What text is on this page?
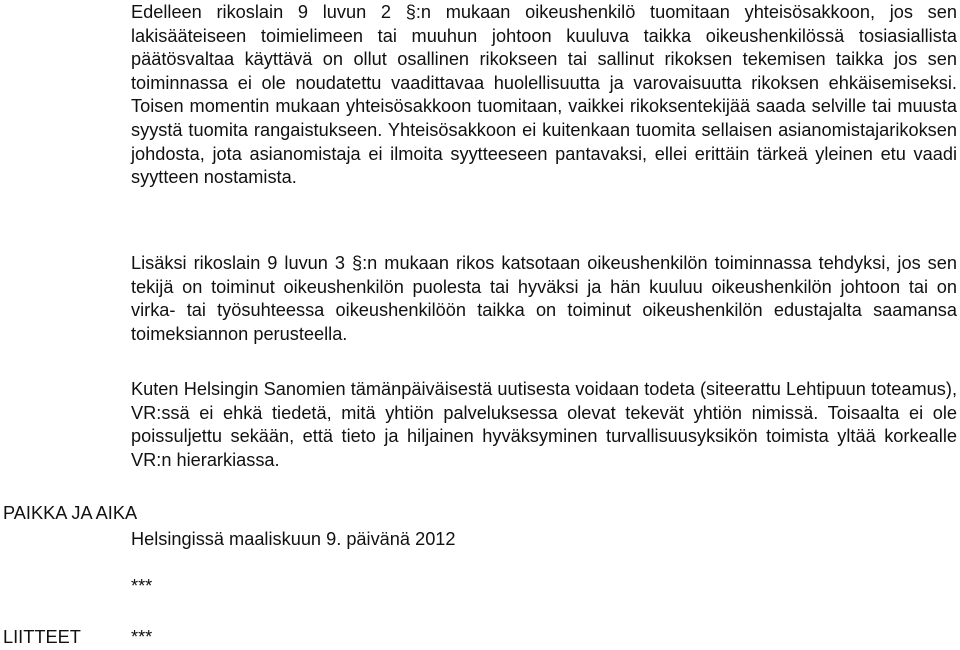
Edelleen rikoslain 9 luvun 2 §:n mukaan oikeushenkilö tuomitaan yhteisösakkoon, jos sen lakisääteiseen toimielimeen tai muuhun johtoon kuuluva taikka oikeushenkilössä tosiasiallista päätösvaltaa käyttävä on ollut osallinen rikokseen tai sallinut rikoksen tekemisen taikka jos sen toiminnassa ei ole noudatettu vaadittavaa huolellisuutta ja varovaisuutta rikoksen ehkäisemiseksi. Toisen momentin mukaan yhteisösakkoon tuomitaan, vaikkei rikoksentekijää saada selville tai muusta syystä tuomita rangaistukseen. Yhteisösakkoon ei kuitenkaan tuomita sellaisen asianomistajarikoksen johdosta, jota asianomistaja ei ilmoita syytteeseen pantavaksi, ellei erittäin tärkeä yleinen etu vaadi syytteen nostamista.

Lisäksi rikoslain 9 luvun 3 §:n mukaan rikos katsotaan oikeushenkilön toiminnassa tehdyksi, jos sen tekijä on toiminut oikeushenkilön puolesta tai hyväksi ja hän kuuluu oikeushenkilön johtoon tai on virka- tai työsuhteessa oikeushenkilöön taikka on toiminut oikeushenkilön edustajalta saamansa toimeksiannon perusteella.

Kuten Helsingin Sanomien tämänpäiväisestä uutisesta voidaan todeta (siteerattu Lehtipuun toteamus), VR:ssä ei ehkä tiedetä, mitä yhtiön palveluksessa olevat tekevät yhtiön nimissä. Toisaalta ei ole poissuljettu sekään, että tieto ja hiljainen hyväksyminen turvallisuusyksikön toimista yltää korkealle VR:n hierarkiassa.

PAIKKA JA AIKA

Helsingissä maaliskuun 9. päivänä 2012

***

LIITTEET	***
